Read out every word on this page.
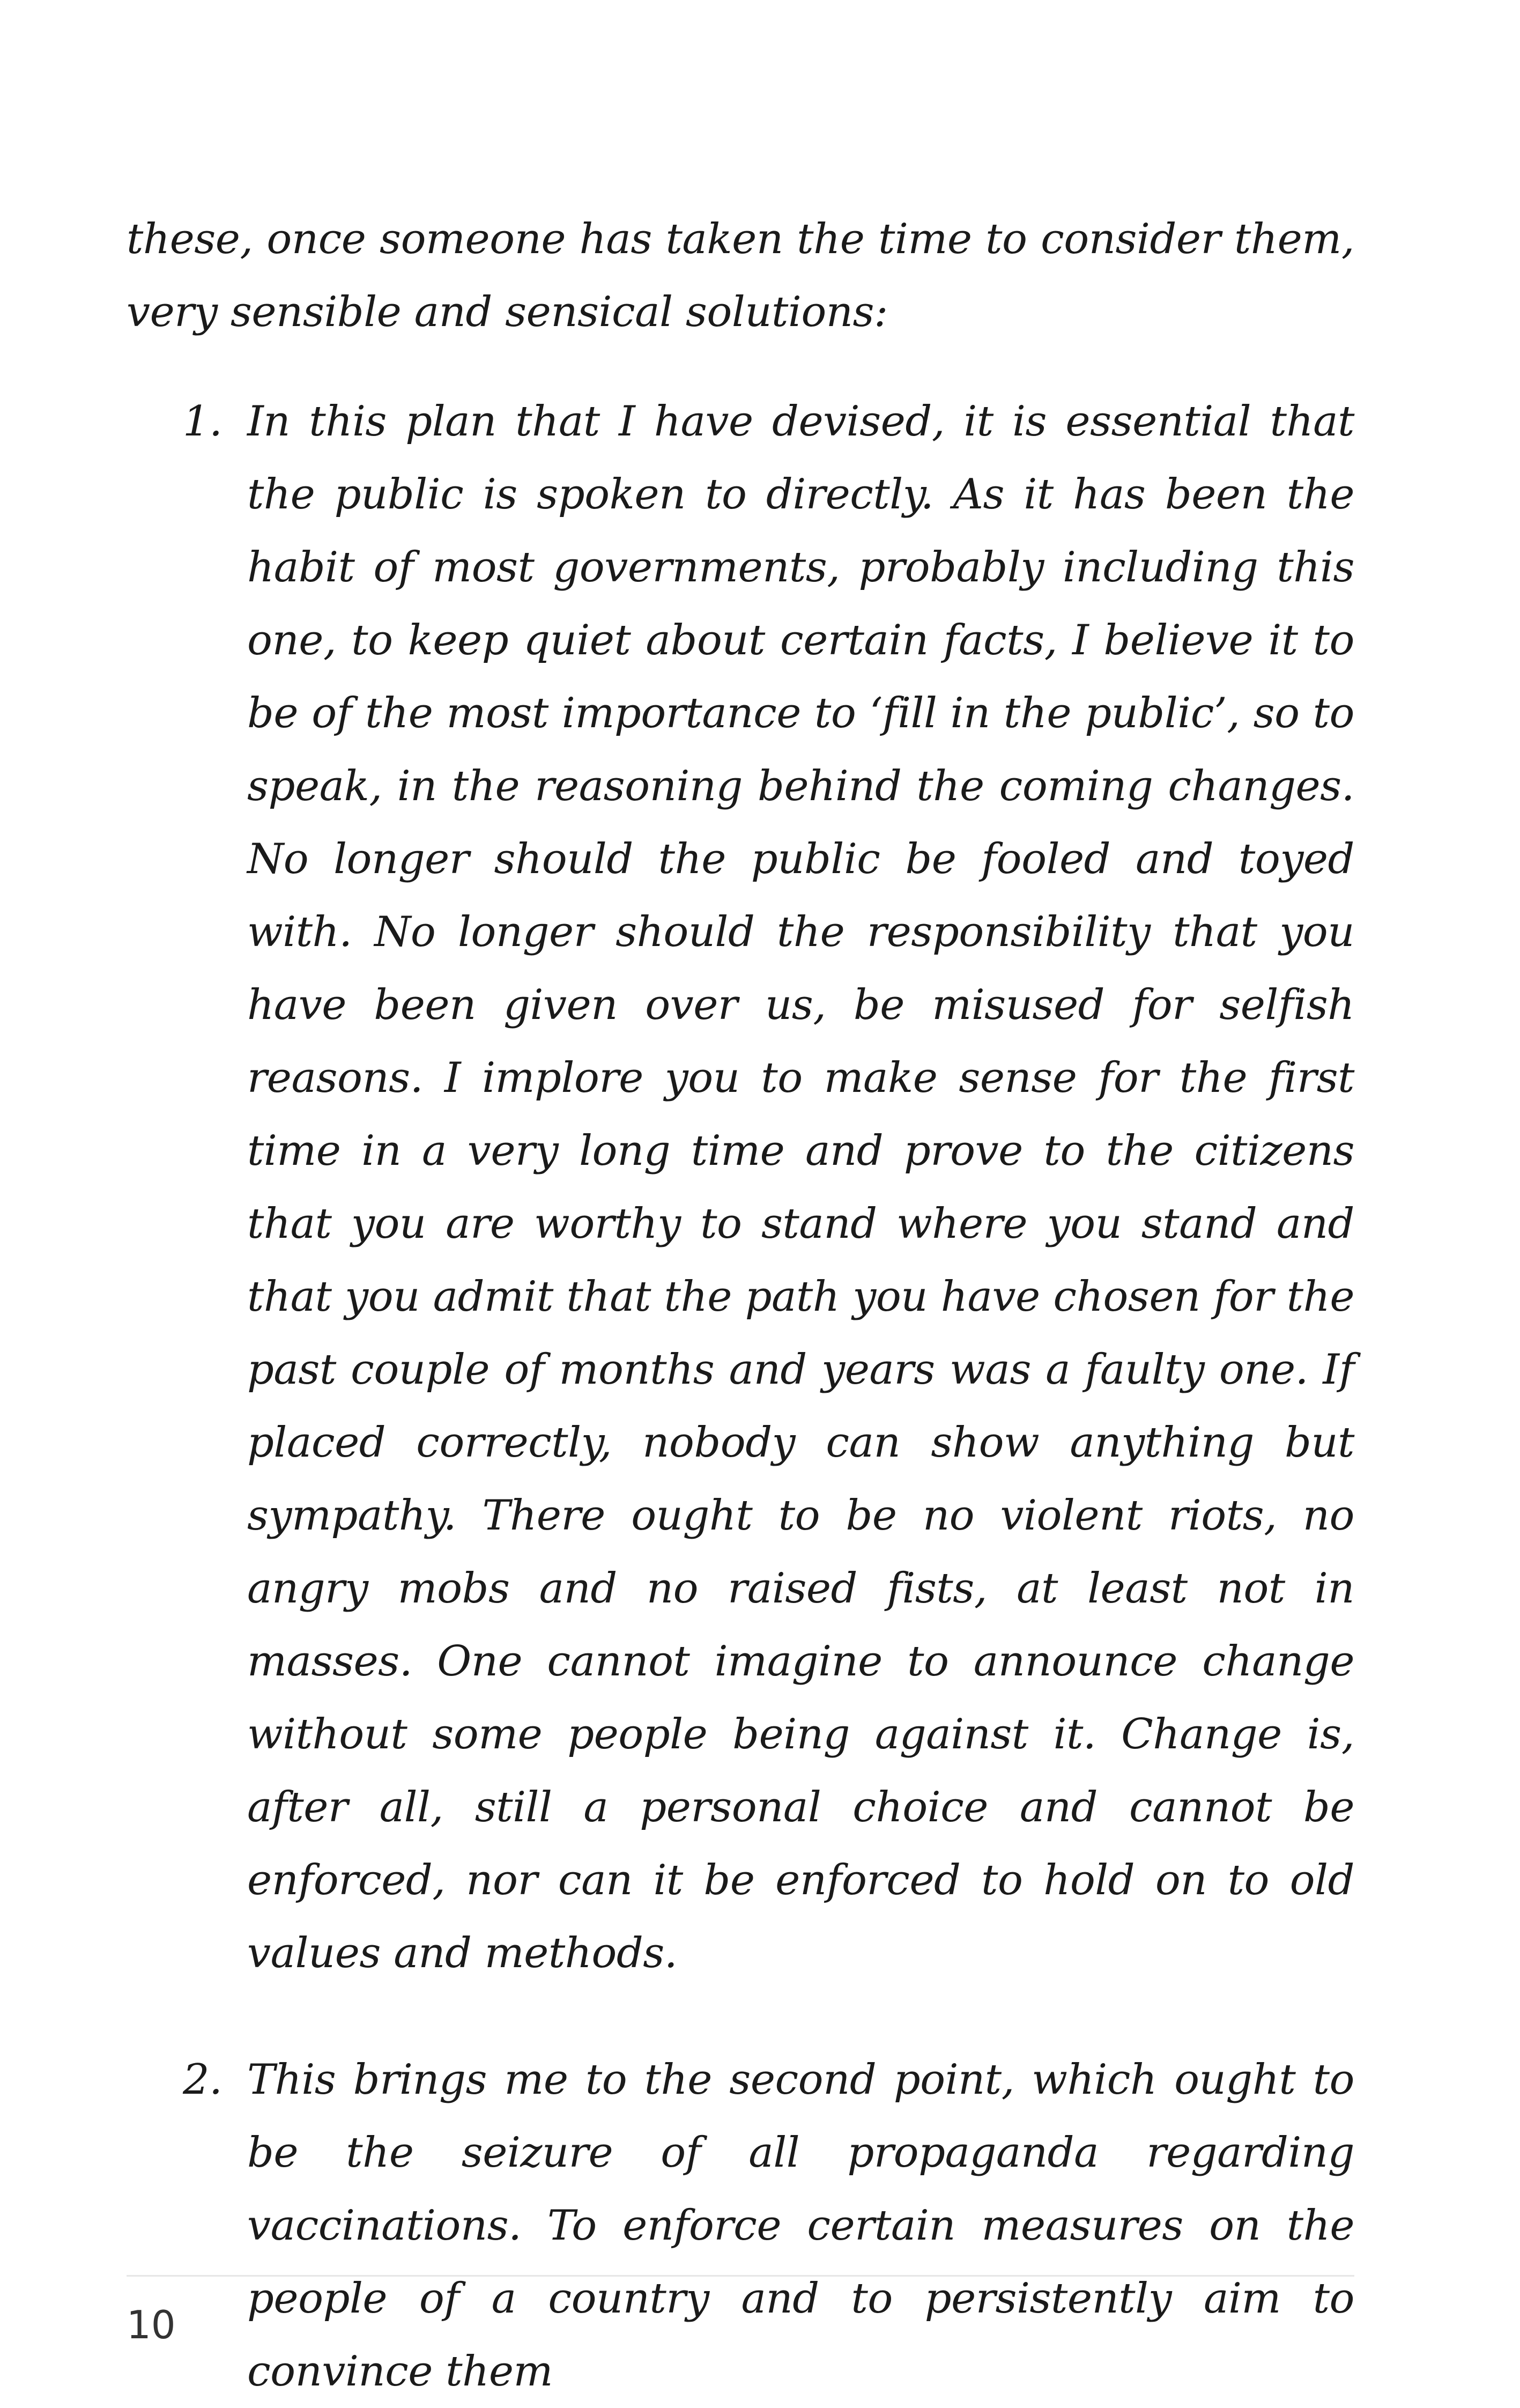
these, once someone has taken the time to consider them, very sensible and sensical solutions:

1. In this plan that I have devised, it is essential that the public is spoken to directly. As it has been the habit of most governments, probably including this one, to keep quiet about certain facts, I believe it to be of the most importance to ‘fill in the public’, so to speak, in the reasoning behind the coming changes. No longer should the public be fooled and toyed with. No longer should the responsibility that you have been given over us, be misused for selfish reasons. I implore you to make sense for the first time in a very long time and prove to the citizens that you are worthy to stand where you stand and that you admit that the path you have chosen for the past couple of months and years was a faulty one. If placed correctly, nobody can show anything but sympathy. There ought to be no violent riots, no angry mobs and no raised fists, at least not in masses. One cannot imagine to announce change without some people being against it. Change is, after all, still a personal choice and cannot be enforced, nor can it be enforced to hold on to old values and methods.
2. This brings me to the second point, which ought to be the seizure of all propaganda regarding vaccinations. To enforce certain measures on the people of a country and to persistently aim to convince them
10
